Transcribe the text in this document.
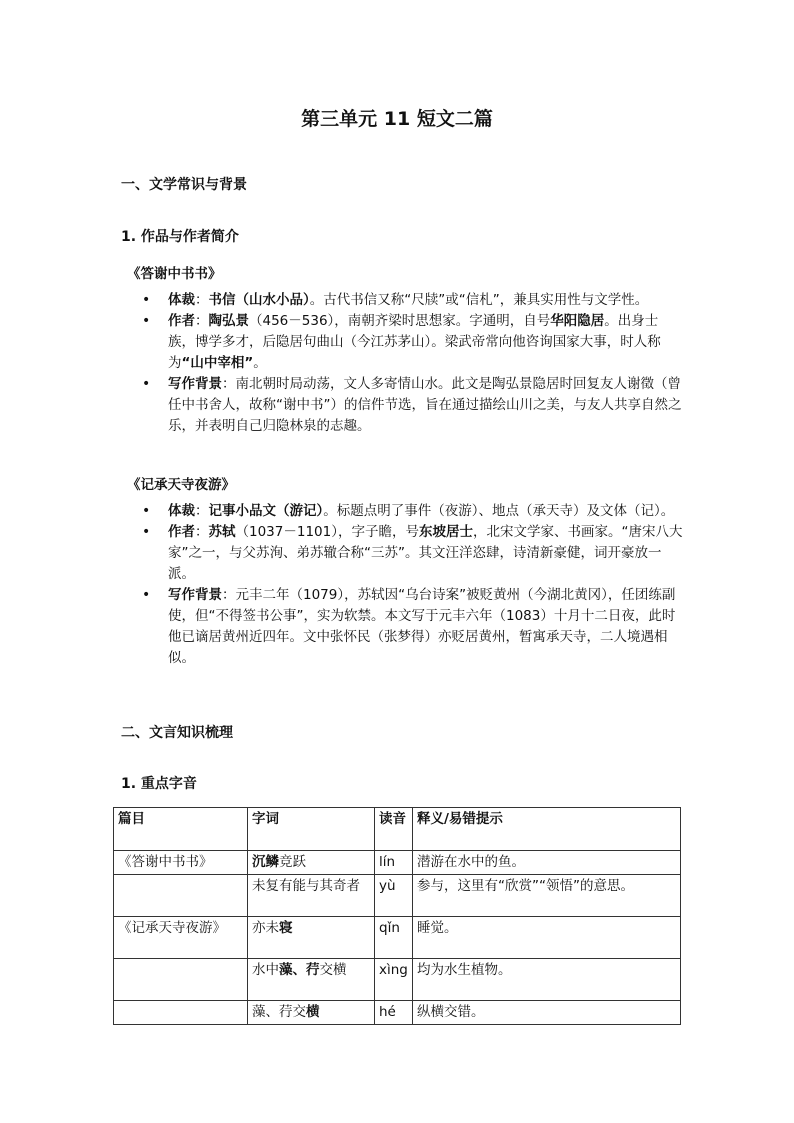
第三单元 11 短文二篇
一、文学常识与背景
1. 作品与作者简介
《答谢中书书》
• 体裁：书信（山水小品）。古代书信又称“尺牍”或“信札”，兼具实用性与文学性。
• 作者：陶弘景（456－536），南朝齐梁时思想家。字通明，自号华阳隐居。出身士族，博学多才，后隐居句曲山（今江苏茅山）。梁武帝常向他咨询国家大事，时人称为“山中宰相”。
• 写作背景：南北朝时局动荡，文人多寄情山水。此文是陶弘景隐居时回复友人谢徵（曾任中书舍人，故称“谢中书”）的信件节选，旨在通过描绘山川之美，与友人共享自然之乐，并表明自己归隐林泉的志趣。
《记承天寺夜游》
• 体裁：记事小品文（游记）。标题点明了事件（夜游）、地点（承天寺）及文体（记）。
• 作者：苏轼（1037－1101），字子瞻，号东坡居士，北宋文学家、书画家。“唐宋八大家”之一，与父苏洵、弟苏辙合称“三苏”。其文汪洋恣肆，诗清新豪健，词开豪放一派。
• 写作背景：元丰二年（1079），苏轼因“乌台诗案”被贬黄州（今湖北黄冈），任团练副使，但“不得签书公事”，实为软禁。本文写于元丰六年（1083）十月十二日夜，此时他已谪居黄州近四年。文中张怀民（张梦得）亦贬居黄州，暂寓承天寺，二人境遇相似。
二、文言知识梳理
1. 重点字音
篇目	字词	读音	释义/易错提示
《答谢中书书》	沉鳞竞跃	lín	潜游在水中的鱼。
	未复有能与其奇者	yù	参与，这里有“欣赏”“领悟”的意思。
《记承天寺夜游》	亦未寝	qǐn	睡觉。
	水中藻、荇交横	xìng	均为水生植物。
	藻、荇交横	hé	纵横交错。
